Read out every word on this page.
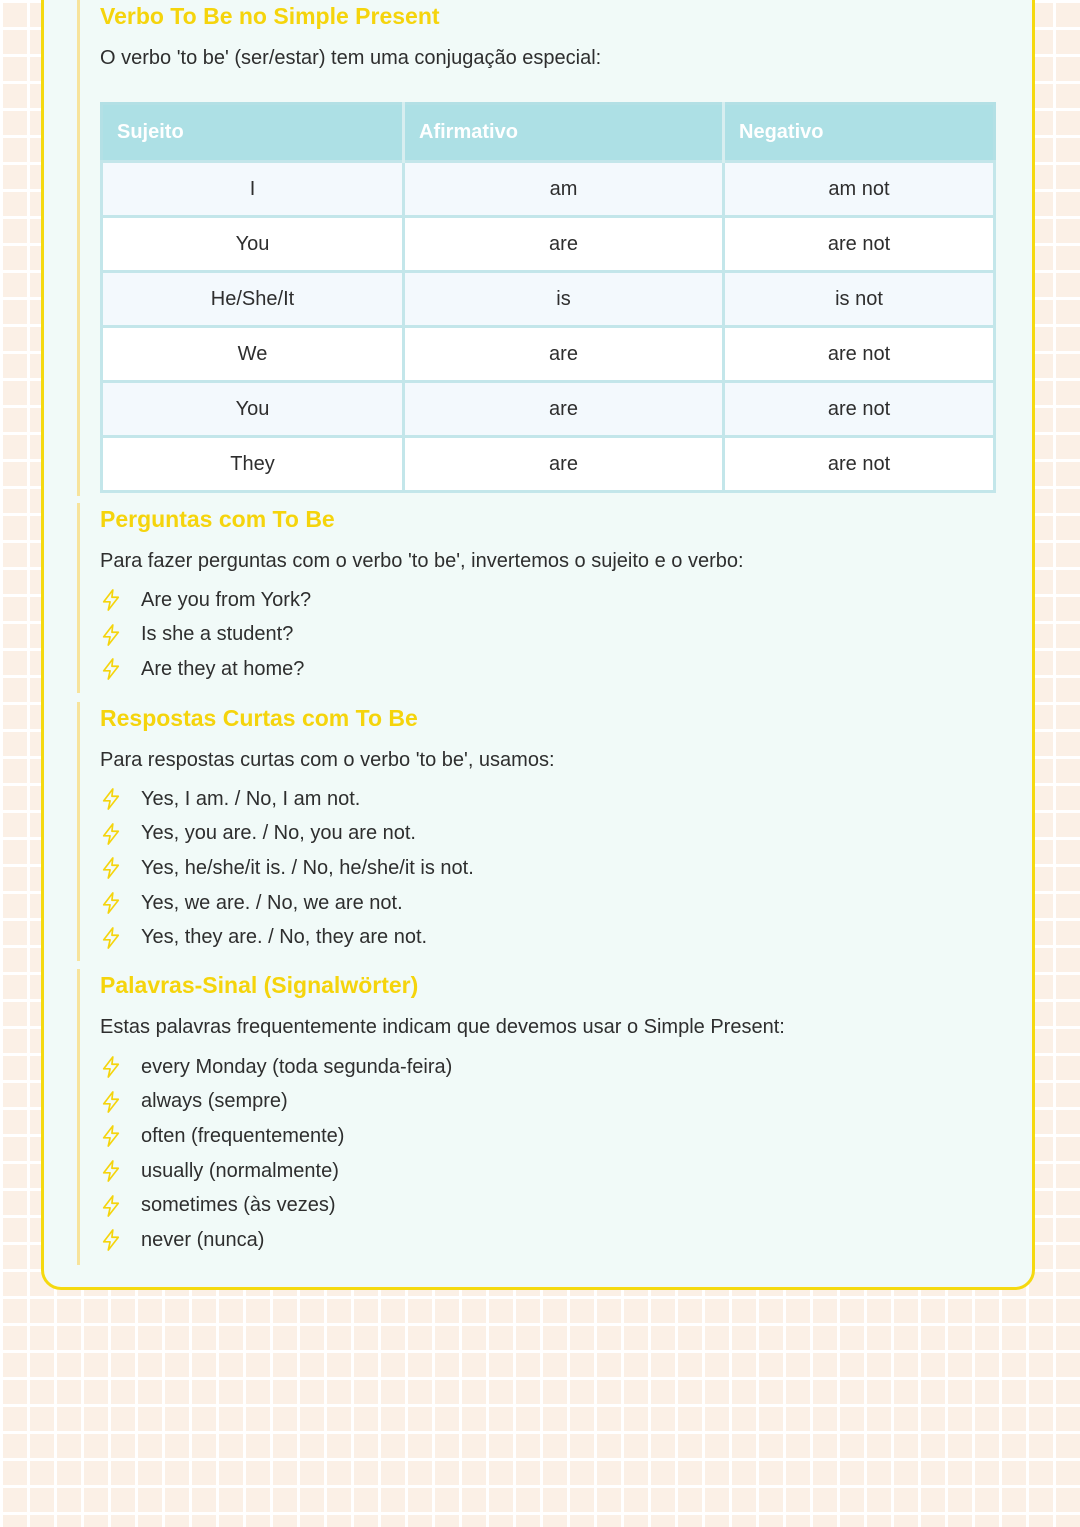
Verbo To Be no Simple Present

O verbo 'to be' (ser/estar) tem uma conjugação especial:

Sujeito	Afirmativo	Negativo
I	am	am not
You	are	are not
He/She/It	is	is not
We	are	are not
You	are	are not
They	are	are not
Perguntas com To Be

Para fazer perguntas com o verbo 'to be', invertemos o sujeito e o verbo:

Are you from York?
Is she a student?
Are they at home?
Respostas Curtas com To Be

Para respostas curtas com o verbo 'to be', usamos:

Yes, I am. / No, I am not.
Yes, you are. / No, you are not.
Yes, he/she/it is. / No, he/she/it is not.
Yes, we are. / No, we are not.
Yes, they are. / No, they are not.
Palavras-Sinal (Signalwörter)

Estas palavras frequentemente indicam que devemos usar o Simple Present:

every Monday (toda segunda-feira)
always (sempre)
often (frequentemente)
usually (normalmente)
sometimes (às vezes)
never (nunca)
